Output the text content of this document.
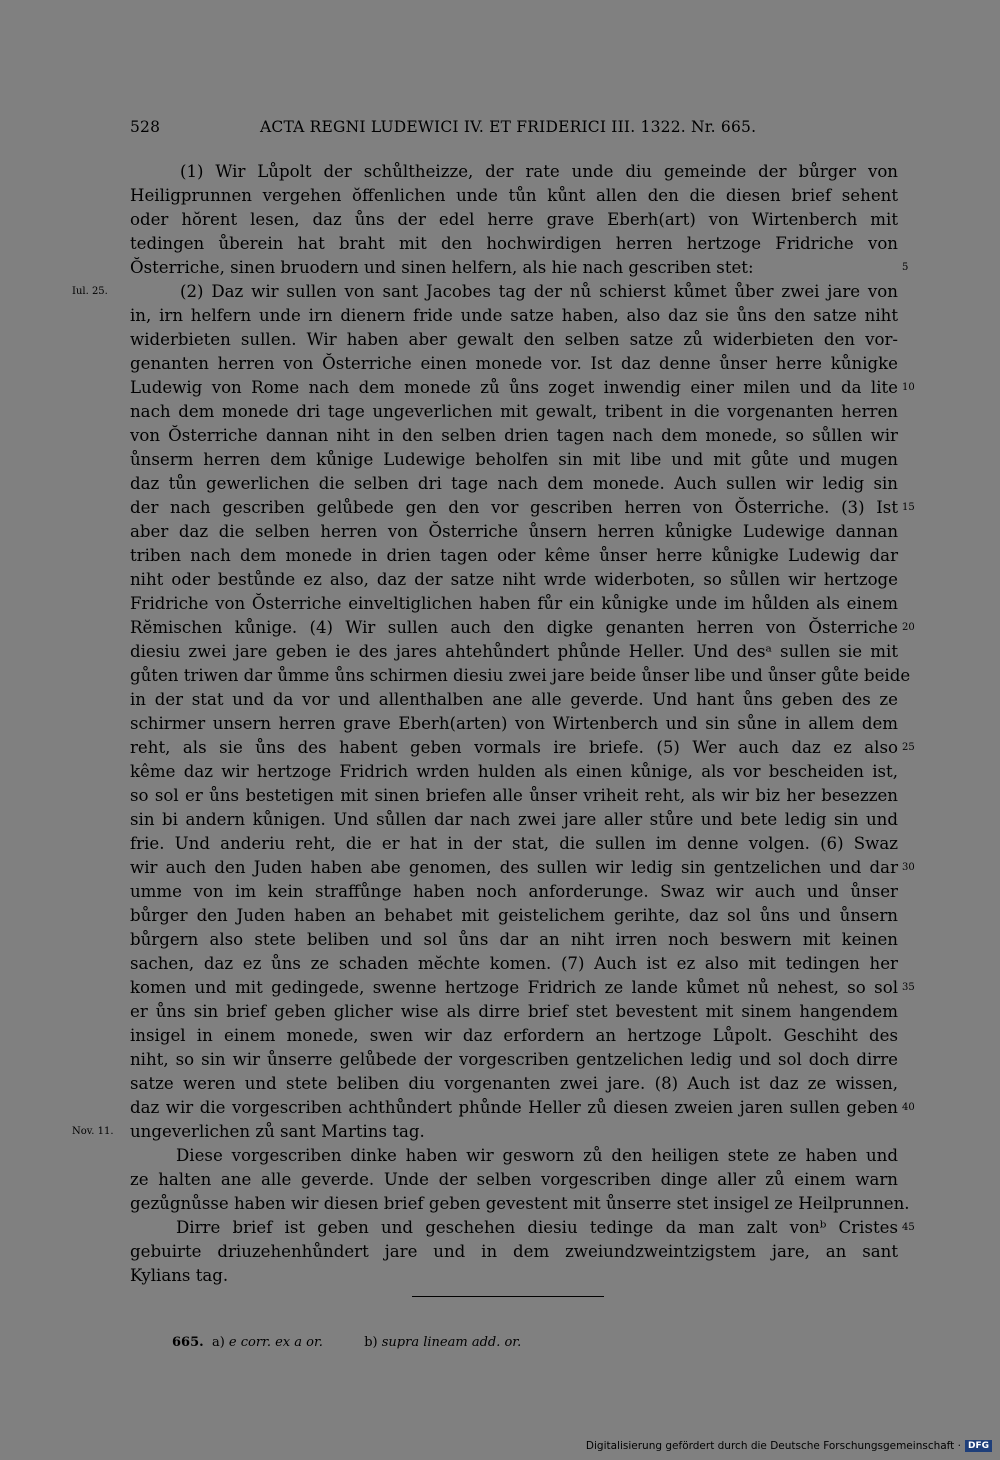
528	ACTA REGNI LUDEWICI IV. ET FRIDERICI III. 1322. Nr. 665.
(1) Wir Lůpolt der schůltheizze, der rate unde diu gemeinde der bůrger von
Heiligprunnen vergehen ŏffenlichen unde tůn kůnt allen den die diesen brief sehent
oder hŏrent lesen, daz ůns der edel herre grave Eberh(art) von Wirtenberch mit
tedingen ůberein hat braht mit den hochwirdigen herren hertzoge Fridriche von
Ŏsterriche, sinen bruodern und sinen helfern, als hie nach gescriben stet:	5
(2) Daz wir sullen von sant Jacobes tag der nů schierst kůmet ůber zwei jare von
Iul. 25.
in, irn helfern unde irn dienern fride unde satze haben, also daz sie ůns den satze niht
widerbieten sullen. Wir haben aber gewalt den selben satze zů widerbieten den vor-
genanten herren von Ŏsterriche einen monede vor. Ist daz denne ůnser herre kůnigke
Ludewig von Rome nach dem monede zů ůns zoget inwendig einer milen und da lite 10
nach dem monede dri tage ungeverlichen mit gewalt, tribent in die vorgenanten herren
von Ŏsterriche dannan niht in den selben drien tagen nach dem monede, so sůllen wir
ůnserm herren dem kůnige Ludewige beholfen sin mit libe und mit gůte und mugen
daz tůn gewerlichen die selben dri tage nach dem monede. Auch sullen wir ledig sin
der nach gescriben gelůbede gen den vor gescriben herren von Ŏsterriche. (3) Ist 15
aber daz die selben herren von Ŏsterriche ůnsern herren kůnigke Ludewige dannan
triben nach dem monede in drien tagen oder kême ůnser herre kůnigke Ludewig dar
niht oder bestůnde ez also, daz der satze niht wrde widerboten, so sůllen wir hertzoge
Fridriche von Ŏsterriche einveltiglichen haben fůr ein kůnigke unde im hůlden als einem
Rĕmischen kůnige. (4) Wir sullen auch den digke genanten herren von Ŏsterriche 20
diesiu zwei jare geben ie des jares ahtehůndert phůnde Heller. Und desᵃ sullen sie mit
gůten triwen dar ůmme ůns schirmen diesiu zwei jare beide ůnser libe und ůnser gůte beide
in der stat und da vor und allenthalben ane alle geverde. Und hant ůns geben des ze
schirmer unsern herren grave Eberh(arten) von Wirtenberch und sin sůne in allem dem
reht, als sie ůns des habent geben vormals ire briefe. (5) Wer auch daz ez also 25
kême daz wir hertzoge Fridrich wrden hulden als einen kůnige, als vor bescheiden ist,
so sol er ůns bestetigen mit sinen briefen alle ůnser vriheit reht, als wir biz her besezzen
sin bi andern kůnigen. Und sůllen dar nach zwei jare aller stůre und bete ledig sin und
frie. Und anderiu reht, die er hat in der stat, die sullen im denne volgen. (6) Swaz
wir auch den Juden haben abe genomen, des sullen wir ledig sin gentzelichen und dar 30
umme von im kein straffůnge haben noch anforderunge. Swaz wir auch und ůnser
bůrger den Juden haben an behabet mit geistelichem gerihte, daz sol ůns und ůnsern
bůrgern also stete beliben und sol ůns dar an niht irren noch beswern mit keinen
sachen, daz ez ůns ze schaden mĕchte komen. (7) Auch ist ez also mit tedingen her
komen und mit gedingede, swenne hertzoge Fridrich ze lande kůmet nů nehest, so sol 35
er ůns sin brief geben glicher wise als dirre brief stet bevestent mit sinem hangendem
insigel in einem monede, swen wir daz erfordern an hertzoge Lůpolt. Geschiht des
niht, so sin wir ůnserre gelůbede der vorgescriben gentzelichen ledig und sol doch dirre
satze weren und stete beliben diu vorgenanten zwei jare. (8) Auch ist daz ze wissen,
daz wir die vorgescriben achthůndert phůnde Heller zů diesen zweien jaren sullen geben 40
ungeverlichen zů sant Martins tag.
Nov. 11.
Diese vorgescriben dinke haben wir gesworn zů den heiligen stete ze haben und
ze halten ane alle geverde. Unde der selben vorgescriben dinge aller zů einem warn
gezůgnůsse haben wir diesen brief geben gevestent mit ůnserre stet insigel ze Heilprunnen.
Dirre brief ist geben und geschehen diesiu tedinge da man zalt vonᵇ Cristes 45
gebuirte driuzehenhůndert jare und in dem zweiundzweintzigstem jare, an sant
Kylians tag.
665. a) e corr. ex a or.	b) supra lineam add. or.
Digitalisierung gefördert durch die Deutsche Forschungsgemeinschaft · DFG
